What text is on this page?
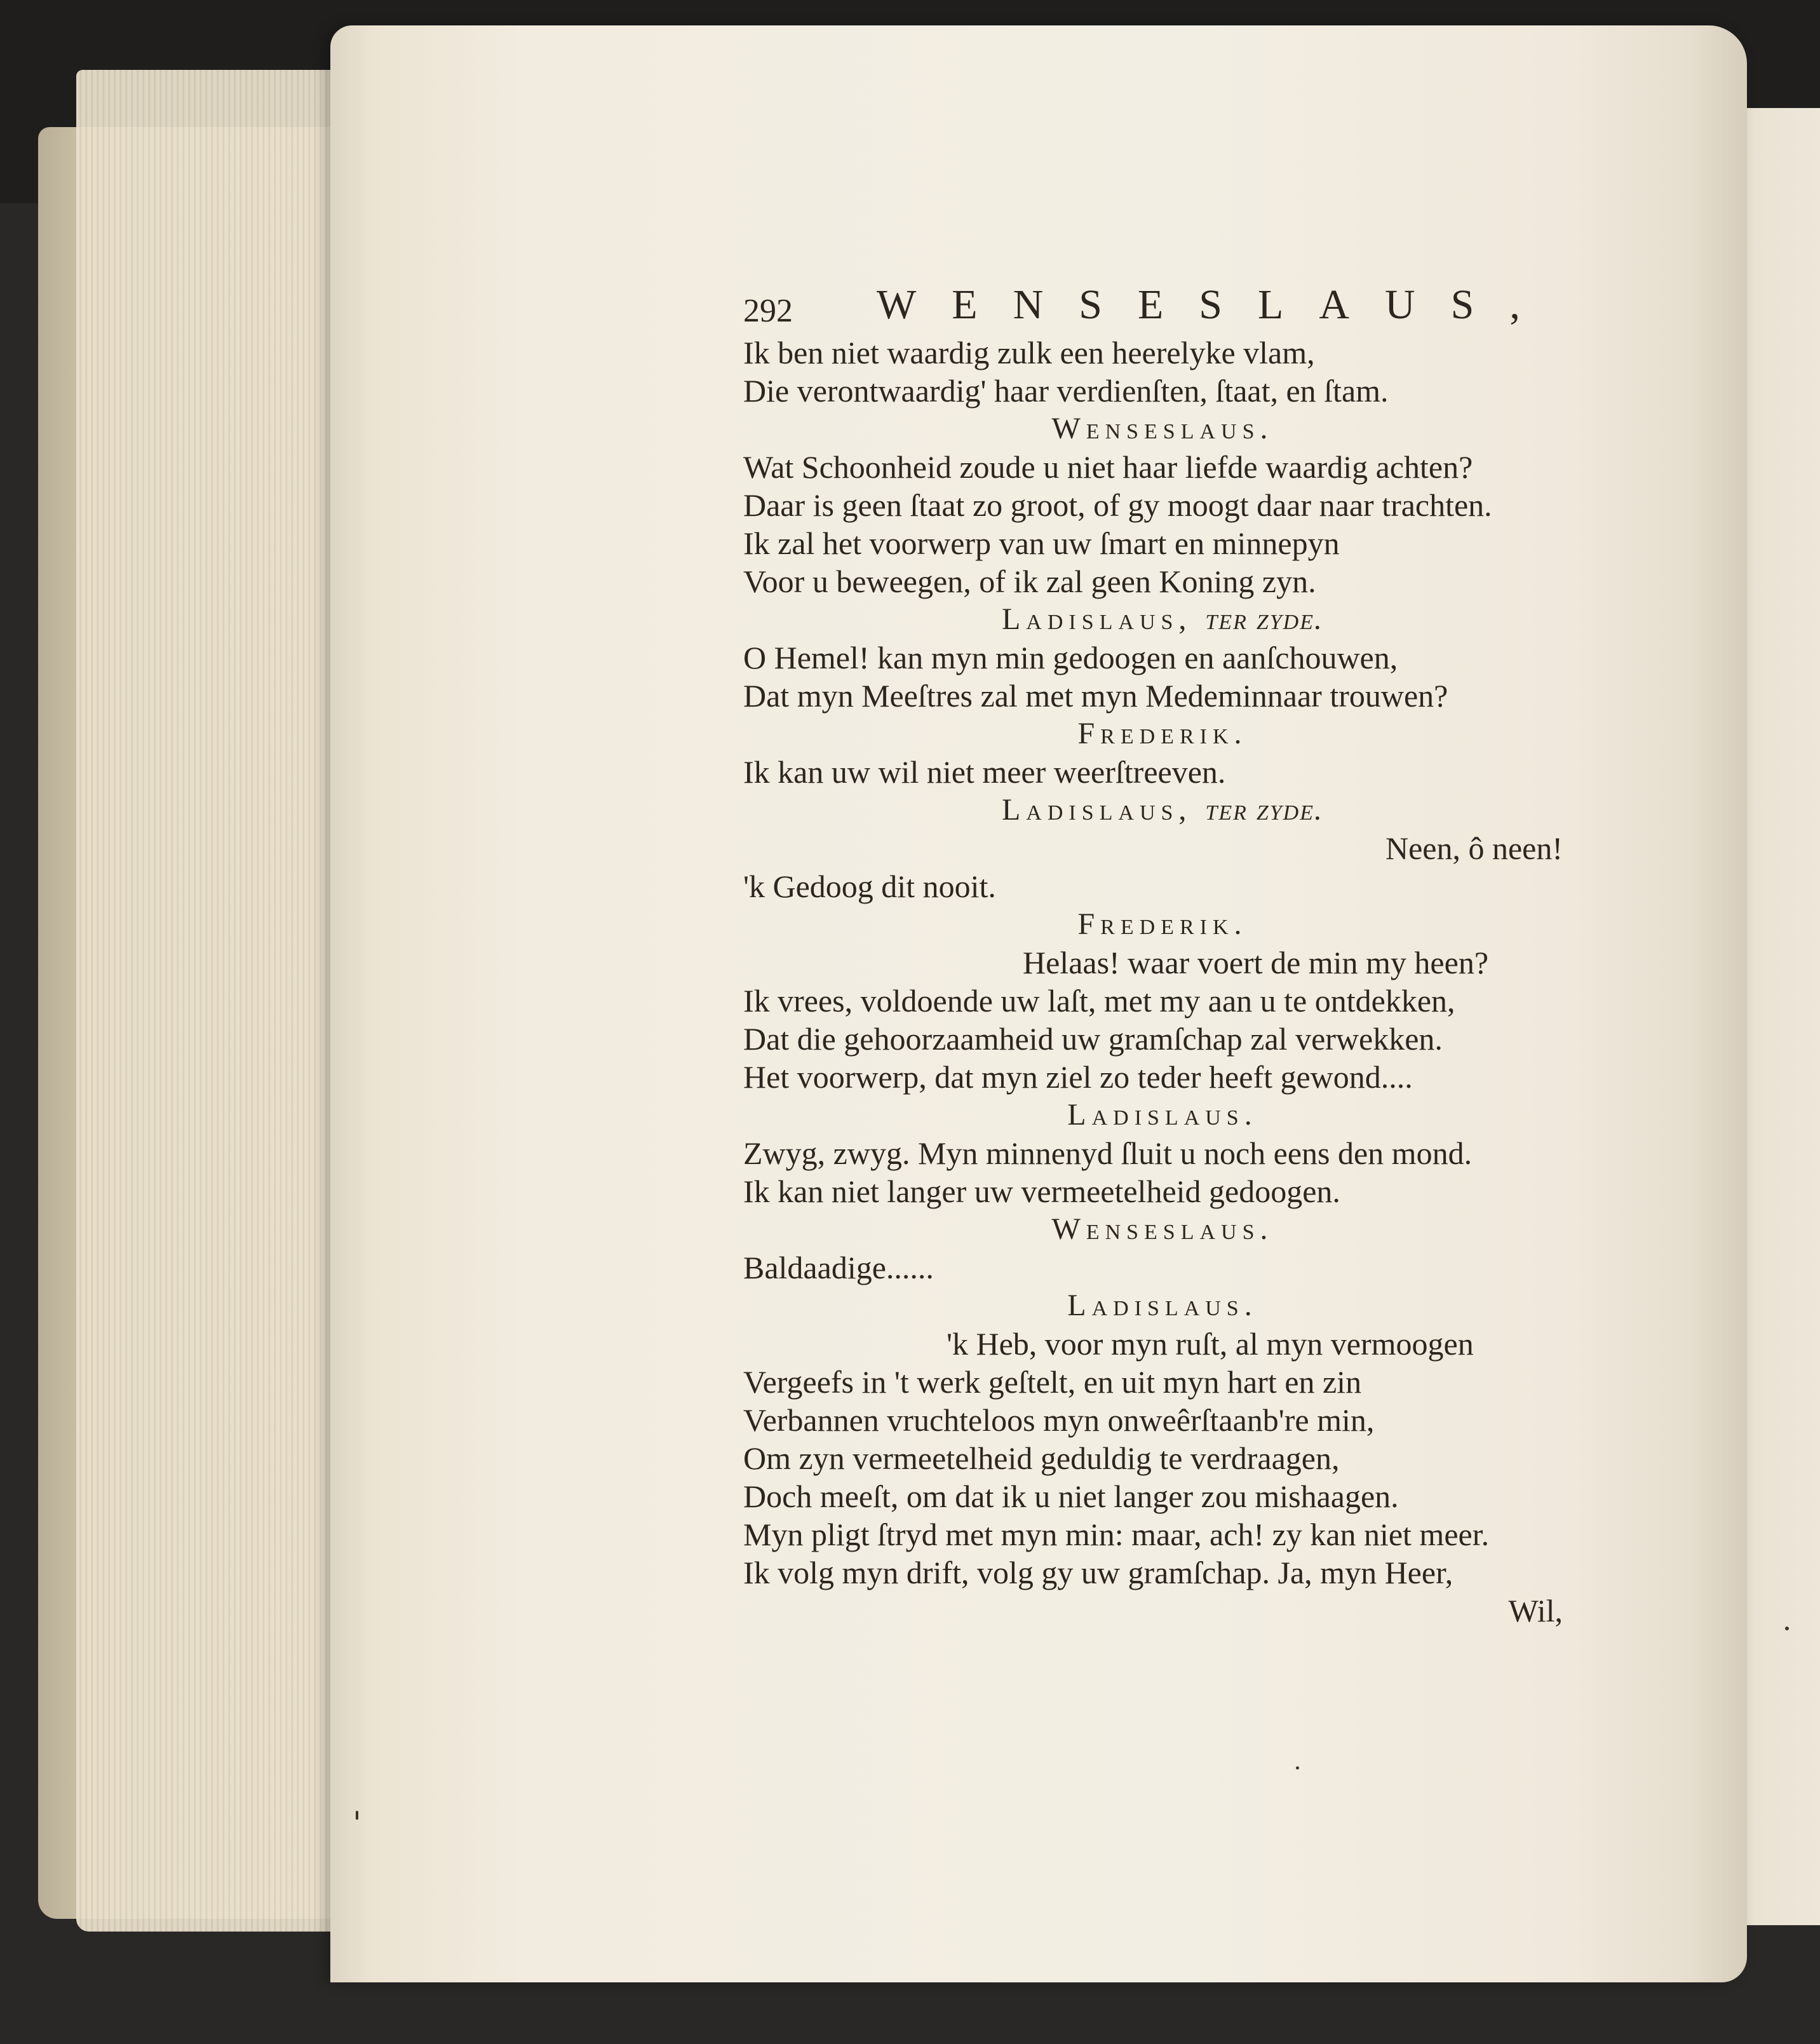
292 WENSESLAUS,
Ik ben niet waardig zulk een heerelyke vlam,
Die verontwaardig' haar verdienſten, ſtaat, en ſtam.
Wenseslaus.
Wat Schoonheid zoude u niet haar liefde waardig achten?
Daar is geen ſtaat zo groot, of gy moogt daar naar trachten.
Ik zal het voorwerp van uw ſmart en minnepyn
Voor u beweegen, of ik zal geen Koning zyn.
Ladislaus, ter zyde.
O Hemel! kan myn min gedoogen en aanſchouwen,
Dat myn Meeſtres zal met myn Medeminnaar trouwen?
Frederik.
Ik kan uw wil niet meer weerſtreeven.
Ladislaus, ter zyde.
Neen, ô neen!
'k Gedoog dit nooit.
Frederik.
Helaas! waar voert de min my heen?
Ik vrees, voldoende uw laſt, met my aan u te ontdekken,
Dat die gehoorzaamheid uw gramſchap zal verwekken.
Het voorwerp, dat myn ziel zo teder heeft gewond....
Ladislaus.
Zwyg, zwyg. Myn minnenyd ſluit u noch eens den mond.
Ik kan niet langer uw vermeetelheid gedoogen.
Wenseslaus.
Baldaadige......
Ladislaus.
'k Heb, voor myn ruſt, al myn vermoogen
Vergeefs in 't werk geſtelt, en uit myn hart en zin
Verbannen vruchteloos myn onweêrſtaanb're min,
Om zyn vermeetelheid geduldig te verdraagen,
Doch meeſt, om dat ik u niet langer zou mishaagen.
Myn pligt ſtryd met myn min: maar, ach! zy kan niet meer.
Ik volg myn drift, volg gy uw gramſchap. Ja, myn Heer,
Wil,
